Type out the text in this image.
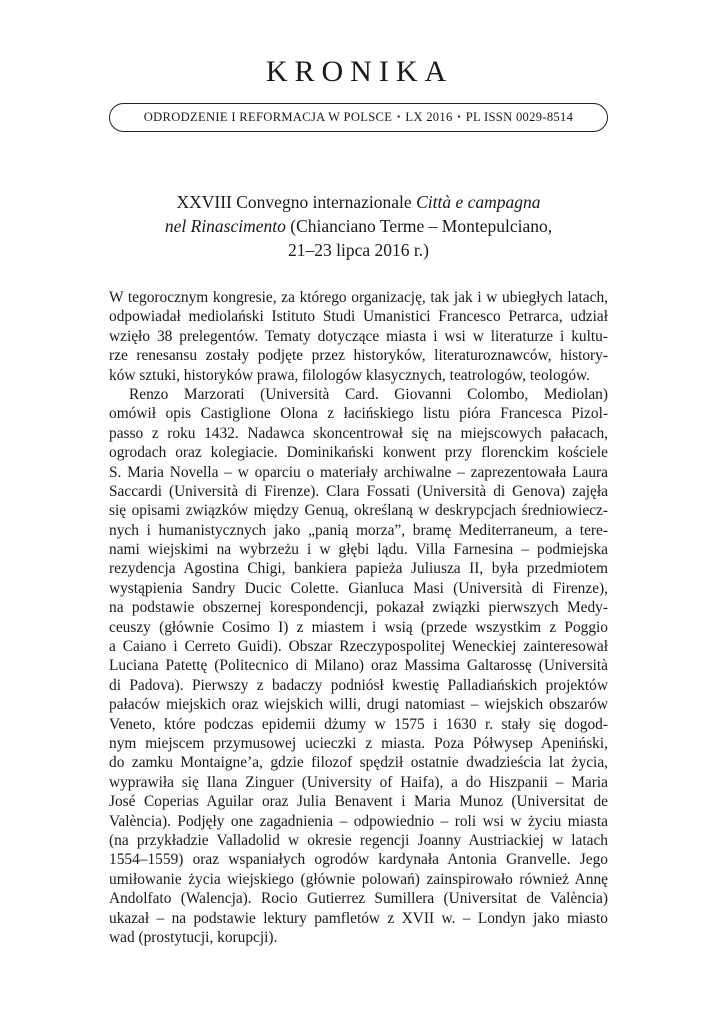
KRONIKA
ODRODZENIE I REFORMACJA W POLSCE ▪ LX 2016 ▪ PL ISSN 0029-8514
XXVIII Convegno internazionale Città e campagna
nel Rinascimento (Chianciano Terme – Montepulciano,
21–23 lipca 2016 r.)
W tegorocznym kongresie, za którego organizację, tak jak i w ubiegłych latach,
odpowiadał mediolański Istituto Studi Umanistici Francesco Petrarca, udział
wzięło 38 prelegentów. Tematy dotyczące miasta i wsi w literaturze i kultu-
rze renesansu zostały podjęte przez historyków, literaturoznawców, history-
ków sztuki, historyków prawa, filologów klasycznych, teatrologów, teologów.
Renzo Marzorati (Università Card. Giovanni Colombo, Mediolan)
omówił opis Castiglione Olona z łacińskiego listu pióra Francesca Pizol-
passo z roku 1432. Nadawca skoncentrował się na miejscowych pałacach,
ogrodach oraz kolegiacie. Dominikański konwent przy florenckim kościele
S. Maria Novella – w oparciu o materiały archiwalne – zaprezentowała Laura
Saccardi (Università di Firenze). Clara Fossati (Università di Genova) zajęła
się opisami związków między Genuą, określaną w deskrypcjach średniowiecz-
nych i humanistycznych jako „panią morza”, bramę Mediterraneum, a tere-
nami wiejskimi na wybrzeżu i w głębi lądu. Villa Farnesina – podmiejska
rezydencja Agostina Chigi, bankiera papieża Juliusza II, była przedmiotem
wystąpienia Sandry Ducic Colette. Gianluca Masi (Università di Firenze),
na podstawie obszernej korespondencji, pokazał związki pierwszych Medy-
ceuszy (głównie Cosimo I) z miastem i wsią (przede wszystkim z Poggio
a Caiano i Cerreto Guidi). Obszar Rzeczypospolitej Weneckiej zainteresował
Luciana Patettę (Politecnico di Milano) oraz Massima Galtarossę (Università
di Padova). Pierwszy z badaczy podniósł kwestię Palladiańskich projektów
pałaców miejskich oraz wiejskich willi, drugi natomiast – wiejskich obszarów
Veneto, które podczas epidemii dżumy w 1575 i 1630 r. stały się dogod-
nym miejscem przymusowej ucieczki z miasta. Poza Półwysep Apeniński,
do zamku Montaigne’a, gdzie filozof spędził ostatnie dwadzieścia lat życia,
wyprawiła się Ilana Zinguer (University of Haifa), a do Hiszpanii – Maria
José Coperias Aguilar oraz Julia Benavent i Maria Munoz (Universitat de
València). Podjęły one zagadnienia – odpowiednio – roli wsi w życiu miasta
(na przykładzie Valladolid w okresie regencji Joanny Austriackiej w latach
1554–1559) oraz wspaniałych ogrodów kardynała Antonia Granvelle. Jego
umiłowanie życia wiejskiego (głównie polowań) zainspirowało również Annę
Andolfato (Walencja). Rocio Gutierrez Sumillera (Universitat de València)
ukazał – na podstawie lektury pamfletów z XVII w. – Londyn jako miasto
wad (prostytucji, korupcji).
